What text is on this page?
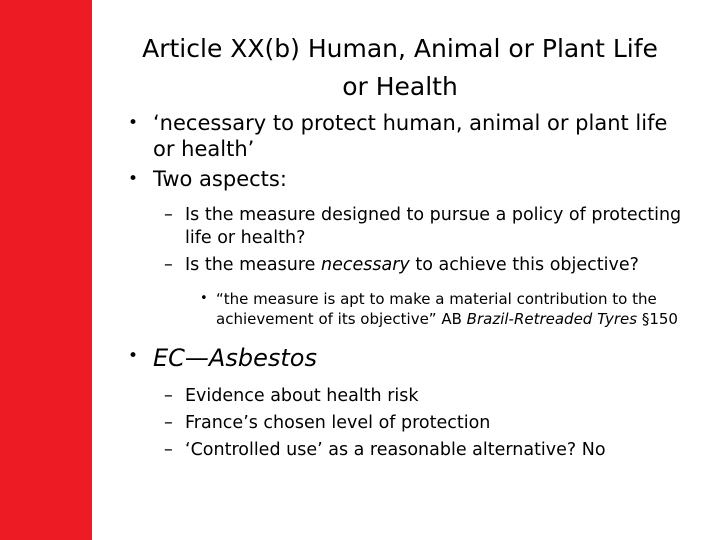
Article XX(b) Human, Animal or Plant Life
or Health
• ‘necessary to protect human, animal or plant life or health’
• Two aspects:
– Is the measure designed to pursue a policy of protecting life or health?
– Is the measure necessary to achieve this objective?
• “the measure is apt to make a material contribution to the achievement of its objective” AB Brazil-Retreaded Tyres §150
• EC—Asbestos
– Evidence about health risk
– France’s chosen level of protection
– ‘Controlled use’ as a reasonable alternative? No
